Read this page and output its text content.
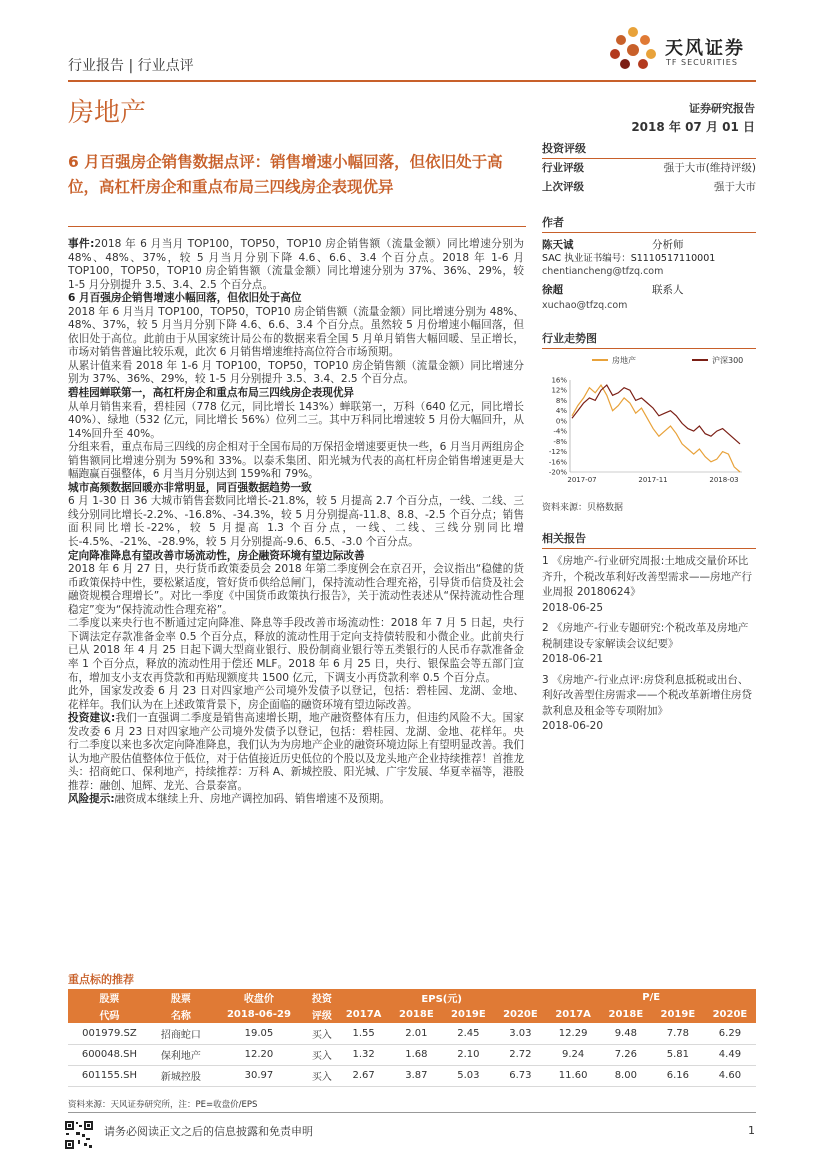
天风证券
TF SECURITIES
行业报告 | 行业点评
房地产	证券研究报告
2018 年 07 月 01 日
6 月百强房企销售数据点评：销售增速小幅回落，但依旧处于高位，高杠杆房企和重点布局三四线房企表现优异

事件:2018 年 6 月当月 TOP100，TOP50，TOP10 房企销售额（流量金额）同比增速分别为 48%、48%、37%，较 5 月当月分别下降 4.6、6.6、3.4 个百分点。2018 年 1-6 月 TOP100，TOP50，TOP10 房企销售额（流量金额）同比增速分别为 37%、36%、29%，较 1-5 月分别提升 3.5、3.4、2.5 个百分点。

6 月百强房企销售增速小幅回落，但依旧处于高位

2018 年 6 月当月 TOP100，TOP50，TOP10 房企销售额（流量金额）同比增速分别为 48%、48%、37%，较 5 月当月分别下降 4.6、6.6、3.4 个百分点。虽然较 5 月份增速小幅回落，但依旧处于高位。此前由于从国家统计局公布的数据来看全国 5 月单月销售大幅回暖、呈正增长，市场对销售普遍比较乐观，此次 6 月销售增速维持高位符合市场预期。

从累计值来看 2018 年 1-6 月 TOP100，TOP50，TOP10 房企销售额（流量金额）同比增速分别为 37%、36%、29%，较 1-5 月分别提升 3.5、3.4、2.5 个百分点。

碧桂园蝉联第一，高杠杆房企和重点布局三四线房企表现优异

从单月销售来看，碧桂园（778 亿元，同比增长 143%）蝉联第一，万科（640 亿元，同比增长 40%）、绿地（532 亿元，同比增长 56%）位列二三。其中万科同比增速较 5 月份大幅回升，从 14%回升至 40%。

分组来看，重点布局三四线的房企相对于全国布局的万保招金增速要更快一些，6 月当月两组房企销售额同比增速分别为 59%和 33%。以泰禾集团、阳光城为代表的高杠杆房企销售增速更是大幅跑赢百强整体，6 月当月分别达到 159%和 79%。

城市高频数据回暖亦非常明显，同百强数据趋势一致

6 月 1-30 日 36 大城市销售套数同比增长-21.8%，较 5 月提高 2.7 个百分点，一线、二线、三线分别同比增长-2.2%、-16.8%、-34.3%，较 5 月分别提高-11.8、8.8、-2.5 个百分点；销售面积同比增长-22%，较 5 月提高 1.3 个百分点，一线、二线、三线分别同比增长-4.5%、-21%、-28.9%，较 5 月分别提高-9.6、6.5、-3.0 个百分点。

定向降准降息有望改善市场流动性，房企融资环境有望边际改善

2018 年 6 月 27 日，央行货币政策委员会 2018 年第二季度例会在京召开，会议指出“稳健的货币政策保持中性，要松紧适度，管好货币供给总闸门，保持流动性合理充裕，引导货币信贷及社会融资规模合理增长”。对比一季度《中国货币政策执行报告》，关于流动性表述从“保持流动性合理稳定”变为“保持流动性合理充裕”。

二季度以来央行也不断通过定向降准、降息等手段改善市场流动性：2018 年 7 月 5 日起，央行下调法定存款准备金率 0.5 个百分点，释放的流动性用于定向支持债转股和小微企业。此前央行已从 2018 年 4 月 25 日起下调大型商业银行、股份制商业银行等五类银行的人民币存款准备金率 1 个百分点，释放的流动性用于偿还 MLF。2018 年 6 月 25 日，央行、银保监会等五部门宣布，增加支小支农再贷款和再贴现额度共 1500 亿元，下调支小再贷款利率 0.5 个百分点。

此外，国家发改委 6 月 23 日对四家地产公司境外发债予以登记，包括：碧桂园、龙湖、金地、花样年。我们认为在上述政策背景下，房企面临的融资环境有望边际改善。

投资建议:我们一直强调二季度是销售高速增长期，地产融资整体有压力，但违约风险不大。国家发改委 6 月 23 日对四家地产公司境外发债予以登记，包括：碧桂园、龙湖、金地、花样年。央行二季度以来也多次定向降准降息，我们认为为房地产企业的融资环境边际上有望明显改善。我们认为地产股估值整体位于低位，对于估值接近历史低位的个股以及龙头地产企业持续推荐！首推龙头：招商蛇口、保利地产，持续推荐：万科 A、新城控股、阳光城、广宇发展、华夏幸福等，港股推荐：融创、旭辉、龙光、合景泰富。

风险提示:融资成本继续上升、房地产调控加码、销售增速不及预期。

投资评级
行业评级	强于大市(维持评级)
上次评级	强于大市
作者
陈天诚	分析师
SAC 执业证书编号：S1110517110001
chentiancheng@tfzq.com
徐超	联系人
xuchao@tfzq.com
行业走势图
房地产	沪深300
16%
12%
8%
4%
0%
-4%
-8%
-12%
-16%
-20%
2017-07	2017-11	2018-03
资料来源：贝格数据
相关报告
1 《房地产-行业研究周报:土地成交量价环比齐升，个税改革利好改善型需求——房地产行业周报 20180624》
2018-06-25
2 《房地产-行业专题研究:个税改革及房地产税制建设专家解读会议纪要》
2018-06-21
3 《房地产-行业点评:房贷利息抵税或出台、利好改善型住房需求——个税改革新增住房贷款利息及租金等专项附加》
2018-06-20
重点标的推荐
股票	股票	收盘价	投资	EPS(元)				P/E			
代码	名称	2018-06-29	评级	2017A	2018E	2019E	2020E	2017A	2018E	2019E	2020E
001979.SZ	招商蛇口	19.05	买入	1.55	2.01	2.45	3.03	12.29	9.48	7.78	6.29
600048.SH	保利地产	12.20	买入	1.32	1.68	2.10	2.72	9.24	7.26	5.81	4.49
601155.SH	新城控股	30.97	买入	2.67	3.87	5.03	6.73	11.60	8.00	6.16	4.60
资料来源：天风证券研究所，注：PE=收盘价/EPS
请务必阅读正文之后的信息披露和免责申明	1
